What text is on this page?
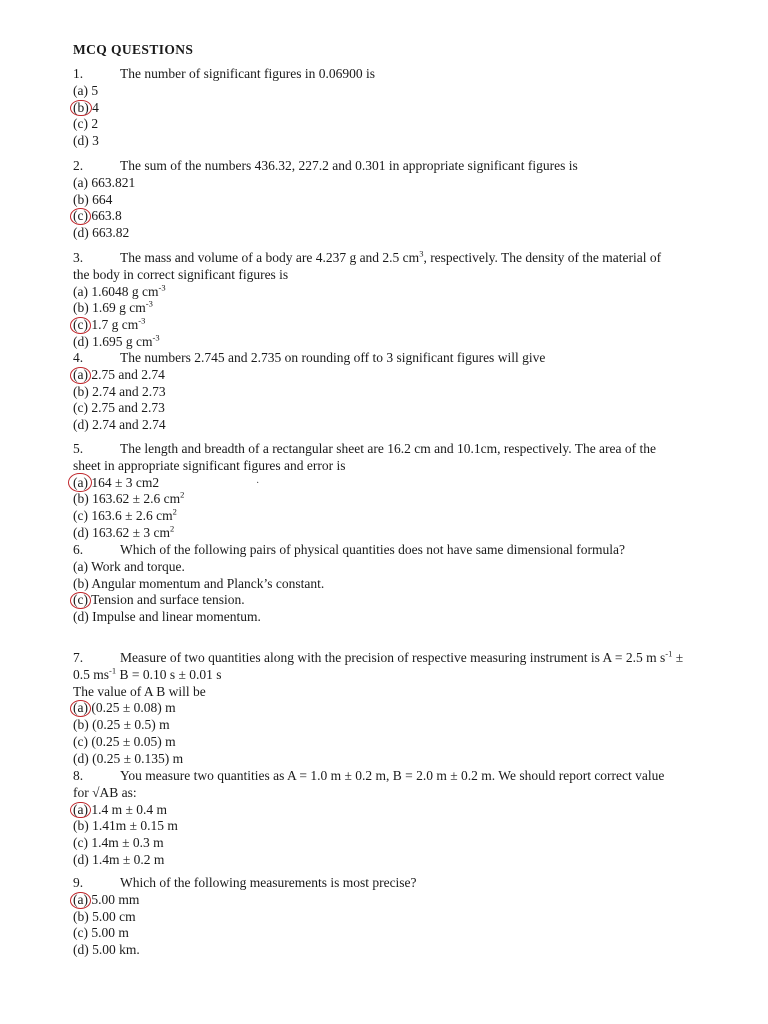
MCQ QUESTIONS

1.	The number of significant figures in 0.06900 is

(a) 5

(b) 4

(c) 2

(d) 3

2.	The sum of the numbers 436.32, 227.2 and 0.301 in appropriate significant figures is

(a) 663.821

(b) 664

(c) 663.8

(d) 663.82

3.	The mass and volume of a body are 4.237 g and 2.5 $cm^3$, respectively. The density of the material of the body in correct significant figures is

(a) 1.6048 g $cm^{-3}$

(b) 1.69 g $cm^{-3}$

(c) 1.7 g $cm^{-3}$

(d) 1.695 g $cm^{-3}$

4.	The numbers 2.745 and 2.735 on rounding off to 3 significant figures will give

(a) 2.75 and 2.74

(b) 2.74 and 2.73

(c) 2.75 and 2.73

(d) 2.74 and 2.74

5.	The length and breadth of a rectangular sheet are 16.2 cm and 10.1cm, respectively. The area of the sheet in appropriate significant figures and error is

(a) 164 ± 3 cm2

(b) 163.62 ± 2.6 $cm^2$

(c) 163.6 ± 2.6 $cm^2$

(d) 163.62 ± 3 $cm^2$

6.	Which of the following pairs of physical quantities does not have same dimensional formula?

(a) Work and torque.

(b) Angular momentum and Planck’s constant.

(c) Tension and surface tension.

(d) Impulse and linear momentum.

7.	Measure of two quantities along with the precision of respective measuring instrument is A = 2.5 m $s^{-1} \pm 0.5$ $ms^{-1}$ B = 0.10 s ± 0.01 s

The value of A B will be

(a) (0.25 ± 0.08) m

(b) (0.25 ± 0.5) m

(c) (0.25 ± 0.05) m

(d) (0.25 ± 0.135) m

8.	You measure two quantities as A = 1.0 m ± 0.2 m, B = 2.0 m ± 0.2 m. We should report correct value for √AB as:

(a) 1.4 m ± 0.4 m

(b) 1.41m ± 0.15 m

(c) 1.4m ± 0.3 m

(d) 1.4m ± 0.2 m

9.	Which of the following measurements is most precise?

(a) 5.00 mm

(b) 5.00 cm

(c) 5.00 m

(d) 5.00 km.

·
